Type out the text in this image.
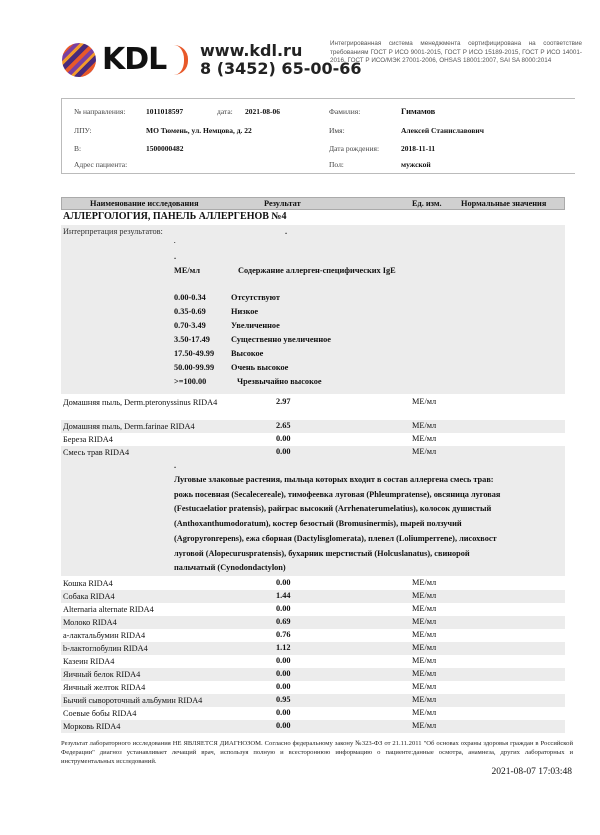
KDL www.kdl.ru
8 (3452) 65-00-66
Интегрированная система менеджмента сертифицирована на соответствие требованиям ГОСТ Р ИСО 9001-2015, ГОСТ Р ИСО 15189-2015, ГОСТ Р ИСО 14001-2016, ГОСТ Р ИСО/МЭК 27001-2006, OHSAS 18001:2007, SAI SA 8000:2014
№ направления:	1011018597	дата: 2021-08-06
ЛПУ:	МО Тюмень, ул. Немцова, д. 22
В:	1500000482
Адрес пациента:
Фамилия:	Гимамов
Имя:	Алексей Станиславович
Дата рождения:	2018-11-11
Пол:	мужской
Наименование исследования	Результат	Ед. изм. Нормальные значения
АЛЛЕРГОЛОГИЯ, ПАНЕЛЬ АЛЛЕРГЕНОВ №4
Интерпретация результатов:	.
.
.
МЕ/мл	Содержание аллерген-специфических IgE
0.00-0.34	Отсутствуют
0.35-0.69	Низкое
0.70-3.49	Увеличенное
3.50-17.49	Существенно увеличенное
17.50-49.99 Высокое
50.00-99.99 Очень высокое
>=100.00	Чрезвычайно высокое
Домашняя пыль, Derm.pteronyssinus RIDA4	2.97	МЕ/мл
Домашняя пыль, Derm.farinae RIDA4	2.65	МЕ/мл
Береза RIDA4	0.00	МЕ/мл
Смесь трав RIDA4	0.00	МЕ/мл
.
Луговые злаковые растения, пыльца которых входит в состав аллергена смесь трав: рожь посевная (Secalecereale), тимофеевка луговая (Phleumpratense), овсяница луговая (Festucaelatior pratensis), райграс высокий (Arrhenaterumelatius), колосок душистый (Anthoxanthumodoratum), костер безостый (Bromusinermis), пырей ползучий (Agropyronrepens), ежа сборная (Dactylisglomerata), плевел (Loliumperrene), лисохвост луговой (Alopecuruspratensis), бухарник шерстистый (Holcuslanatus), свинорой пальчатый (Cynodondactylon)
Кошка RIDA4	0.00	МЕ/мл
Собака RIDA4	1.44	МЕ/мл
Alternaria alternate RIDA4	0.00	МЕ/мл
Молоко RIDA4	0.69	МЕ/мл
а-лактальбумин RIDA4	0.76	МЕ/мл
b-лактоглобулин RIDA4	1.12	МЕ/мл
Казеин RIDA4	0.00	МЕ/мл
Яичный белок RIDA4	0.00	МЕ/мл
Яичный желток RIDA4	0.00	МЕ/мл
Бычий сывороточный альбумин RIDA4	0.95	МЕ/мл
Соевые бобы RIDA4	0.00	МЕ/мл
Морковь RIDA4	0.00	МЕ/мл
Результат лабораторного исследования НЕ ЯВЛЯЕТСЯ ДИАГНОЗОМ. Согласно федеральному закону №323-ФЗ от 21.11.2011 "Об основах охраны здоровья граждан в Российской Федерации" диагноз устанавливает лечащий врач, используя полную и всестороннюю информацию о пациенте:данные осмотра, анамнеза, других лабораторных и инструментальных исследований.
2021-08-07 17:03:48
